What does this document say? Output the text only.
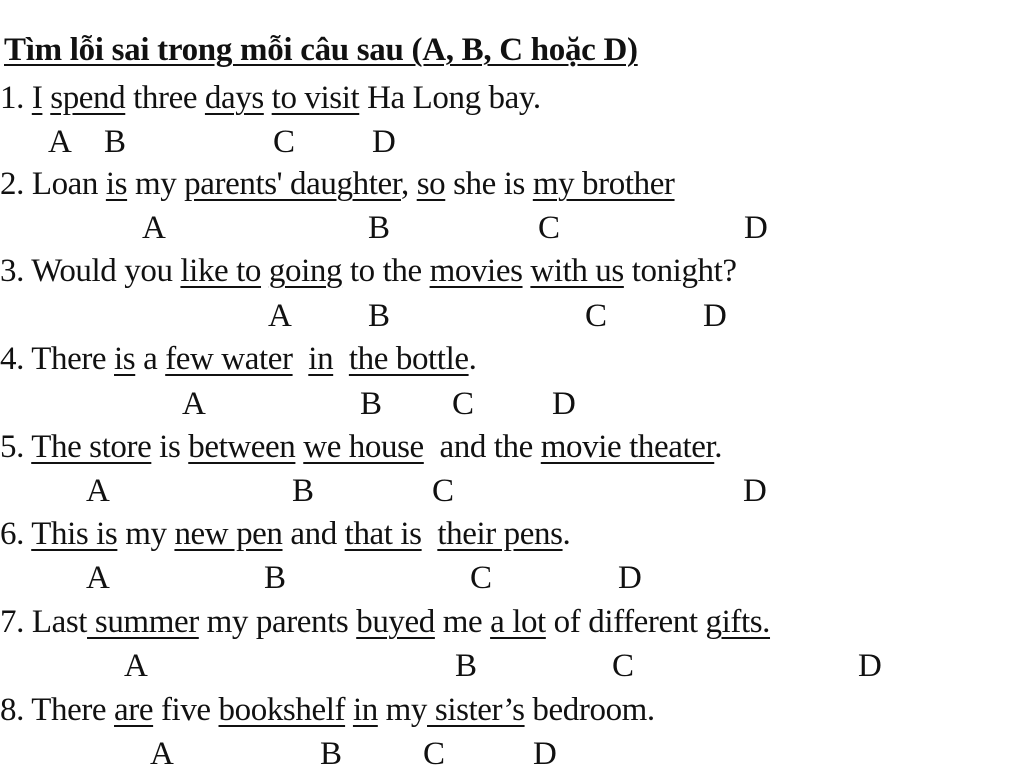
Tìm lỗi sai trong mỗi câu sau (A, B, C hoặc D)
1. I spend three days to visit Ha Long bay.
A B	C D
2. Loan is my parents' daughter, so she is my brother
A	B	C	D
3. Would you like to going to the movies with us tonight?
A B	C	D
4. There is a few water in the bottle.
A	B C D
5. The store is between we house  and the movie theater.
A	B	C	D
6. This is my new pen and that is their pens.
A	B	C	D
7. Last summer my parents buyed me a lot of different gifts.
A	B	C	D
8. There are five bookshelf in my sister’s bedroom.
A	B C	D
